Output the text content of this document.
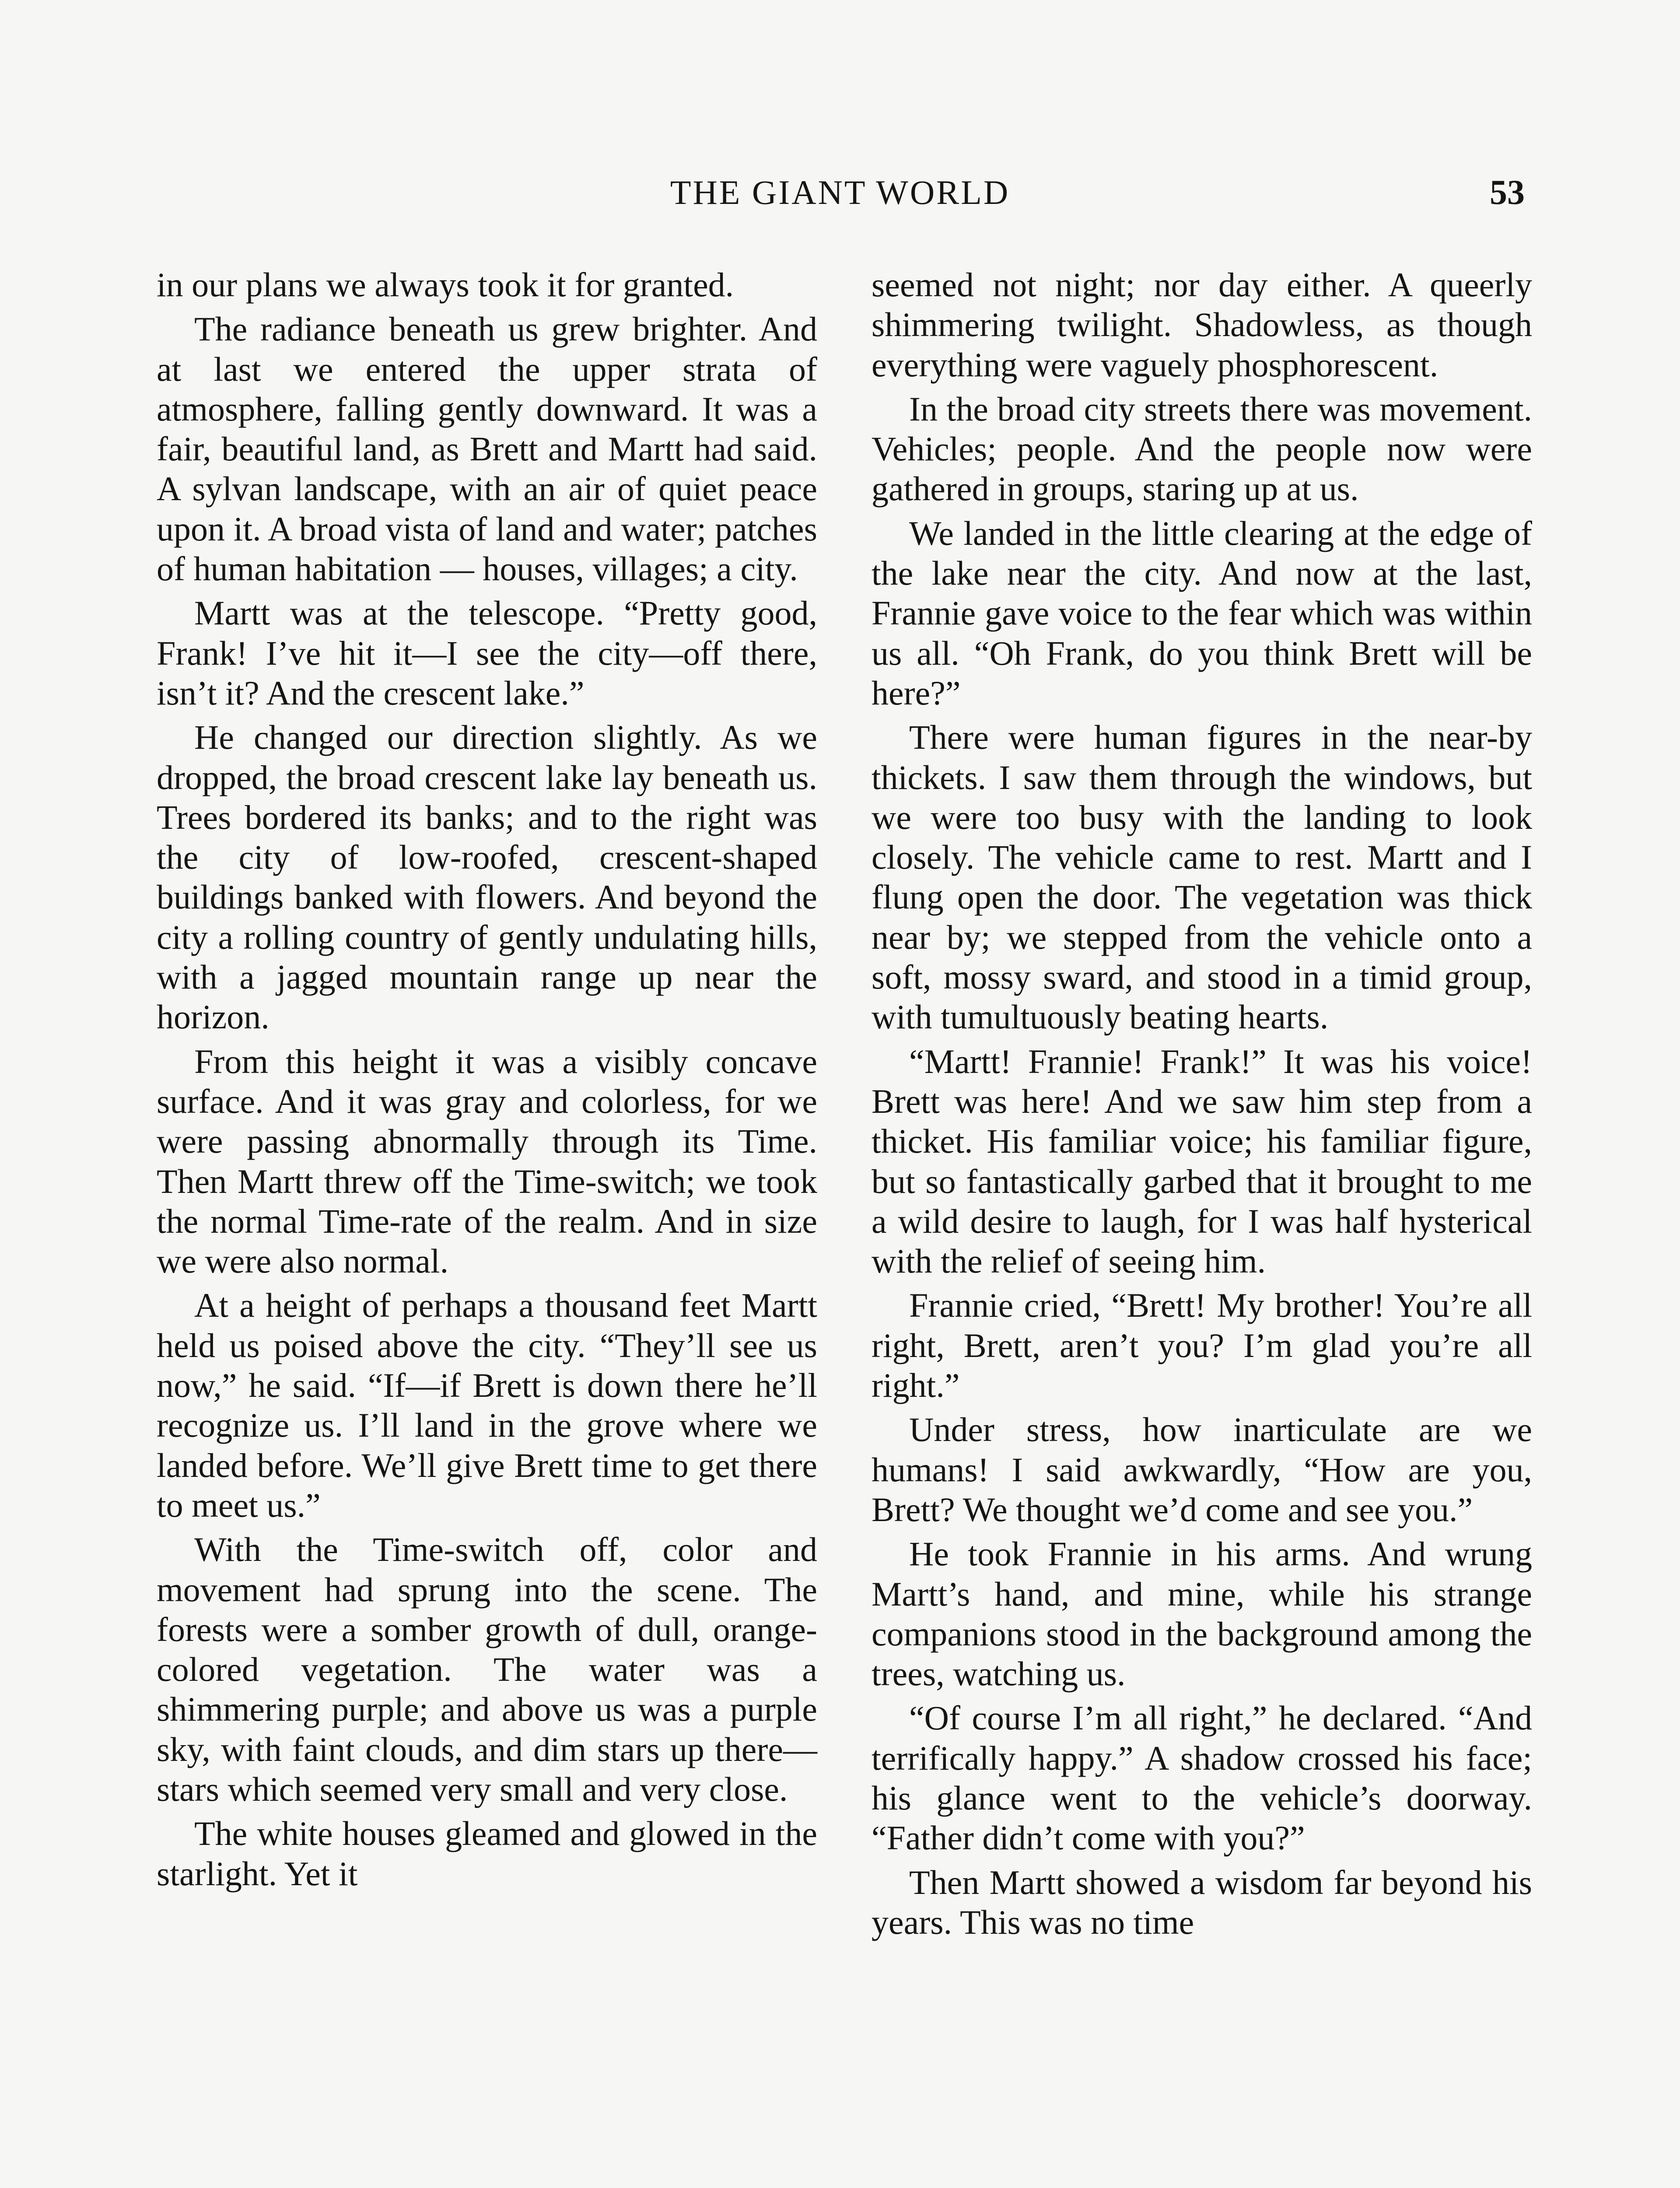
THE GIANT WORLD	53

in our plans we always took it for granted.

The radiance beneath us grew brighter. And at last we entered the upper strata of atmosphere, falling gently downward. It was a fair, beautiful land, as Brett and Martt had said. A sylvan landscape, with an air of quiet peace upon it. A broad vista of land and water; patches of human habitation — houses, villages; a city.

Martt was at the telescope. “Pretty good, Frank! I’ve hit it—I see the city—off there, isn’t it? And the crescent lake.”

He changed our direction slightly. As we dropped, the broad crescent lake lay beneath us. Trees bordered its banks; and to the right was the city of low-roofed, crescent-shaped buildings banked with flowers. And beyond the city a rolling country of gently undulating hills, with a jagged mountain range up near the horizon.

From this height it was a visibly concave surface. And it was gray and colorless, for we were passing abnormally through its Time. Then Martt threw off the Time-switch; we took the normal Time-rate of the realm. And in size we were also normal.

At a height of perhaps a thousand feet Martt held us poised above the city. “They’ll see us now,” he said. “If—if Brett is down there he’ll recognize us. I’ll land in the grove where we landed before. We’ll give Brett time to get there to meet us.”

With the Time-switch off, color and movement had sprung into the scene. The forests were a somber growth of dull, orange-colored vegetation. The water was a shimmering purple; and above us was a purple sky, with faint clouds, and dim stars up there—stars which seemed very small and very close.

The white houses gleamed and glowed in the starlight. Yet it

seemed not night; nor day either. A queerly shimmering twilight. Shadowless, as though everything were vaguely phosphorescent.

In the broad city streets there was movement. Vehicles; people. And the people now were gathered in groups, staring up at us.

We landed in the little clearing at the edge of the lake near the city. And now at the last, Frannie gave voice to the fear which was within us all. “Oh Frank, do you think Brett will be here?”

There were human figures in the near-by thickets. I saw them through the windows, but we were too busy with the landing to look closely. The vehicle came to rest. Martt and I flung open the door. The vegetation was thick near by; we stepped from the vehicle onto a soft, mossy sward, and stood in a timid group, with tumultuously beating hearts.

“Martt! Frannie! Frank!” It was his voice! Brett was here! And we saw him step from a thicket. His familiar voice; his familiar figure, but so fantastically garbed that it brought to me a wild desire to laugh, for I was half hysterical with the relief of seeing him.

Frannie cried, “Brett! My brother! You’re all right, Brett, aren’t you? I’m glad you’re all right.”

Under stress, how inarticulate are we humans! I said awkwardly, “How are you, Brett? We thought we’d come and see you.”

He took Frannie in his arms. And wrung Martt’s hand, and mine, while his strange companions stood in the background among the trees, watching us.

“Of course I’m all right,” he declared. “And terrifically happy.” A shadow crossed his face; his glance went to the vehicle’s doorway. “Father didn’t come with you?”

Then Martt showed a wisdom far beyond his years. This was no time
